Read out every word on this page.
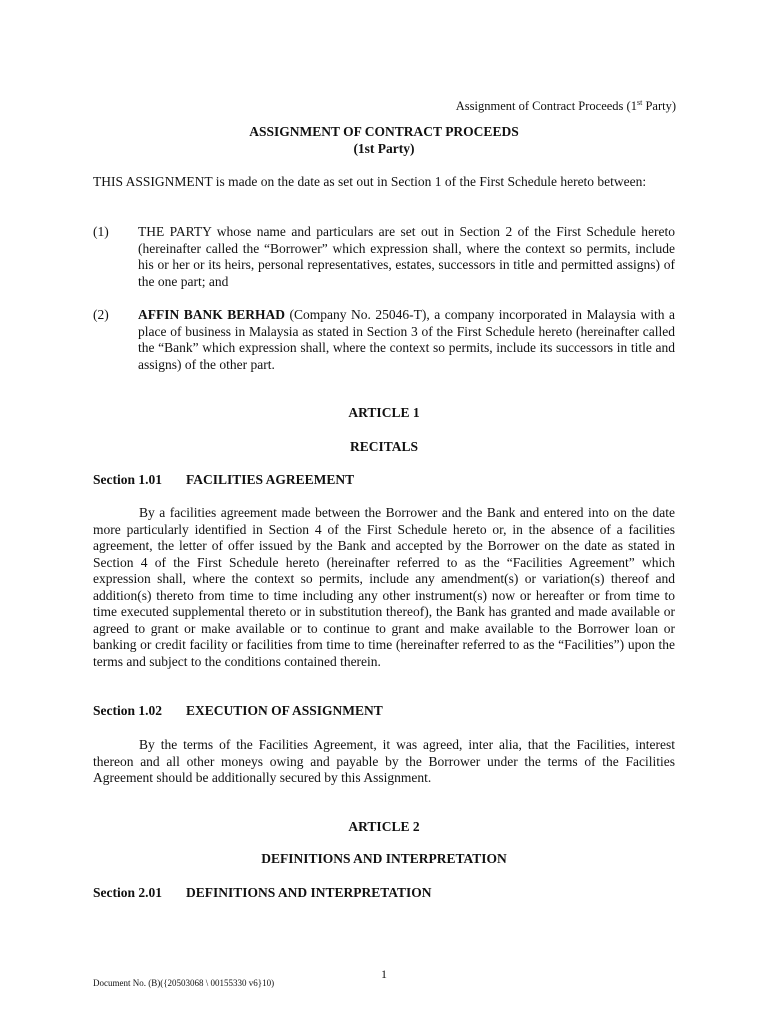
Assignment of Contract Proceeds (1st Party)
ASSIGNMENT OF CONTRACT PROCEEDS
(1st Party)
THIS ASSIGNMENT is made on the date as set out in Section 1 of the First Schedule hereto between:
(1)	THE PARTY whose name and particulars are set out in Section 2 of the First Schedule hereto (hereinafter called the “Borrower” which expression shall, where the context so permits, include his or her or its heirs, personal representatives, estates, successors in title and permitted assigns) of the one part; and
(2)	AFFIN BANK BERHAD (Company No. 25046-T), a company incorporated in Malaysia with a place of business in Malaysia as stated in Section 3 of the First Schedule hereto (hereinafter called the “Bank” which expression shall, where the context so permits, include its successors in title and assigns) of the other part.
ARTICLE 1
RECITALS
Section 1.01 FACILITIES AGREEMENT
By a facilities agreement made between the Borrower and the Bank and entered into on the date more particularly identified in Section 4 of the First Schedule hereto or, in the absence of a facilities agreement, the letter of offer issued by the Bank and accepted by the Borrower on the date as stated in Section 4 of the First Schedule hereto (hereinafter referred to as the “Facilities Agreement” which expression shall, where the context so permits, include any amendment(s) or variation(s) thereof and addition(s) thereto from time to time including any other instrument(s) now or hereafter or from time to time executed supplemental thereto or in substitution thereof), the Bank has granted and made available or agreed to grant or make available or to continue to grant and make available to the Borrower loan or banking or credit facility or facilities from time to time (hereinafter referred to as the “Facilities”) upon the terms and subject to the conditions contained therein.
Section 1.02 EXECUTION OF ASSIGNMENT
By the terms of the Facilities Agreement, it was agreed, inter alia, that the Facilities, interest thereon and all other moneys owing and payable by the Borrower under the terms of the Facilities Agreement should be additionally secured by this Assignment.
ARTICLE 2
DEFINITIONS AND INTERPRETATION
Section 2.01 DEFINITIONS AND INTERPRETATION
1
Document No. (B)({20503068 \ 00155330 v6}10)
